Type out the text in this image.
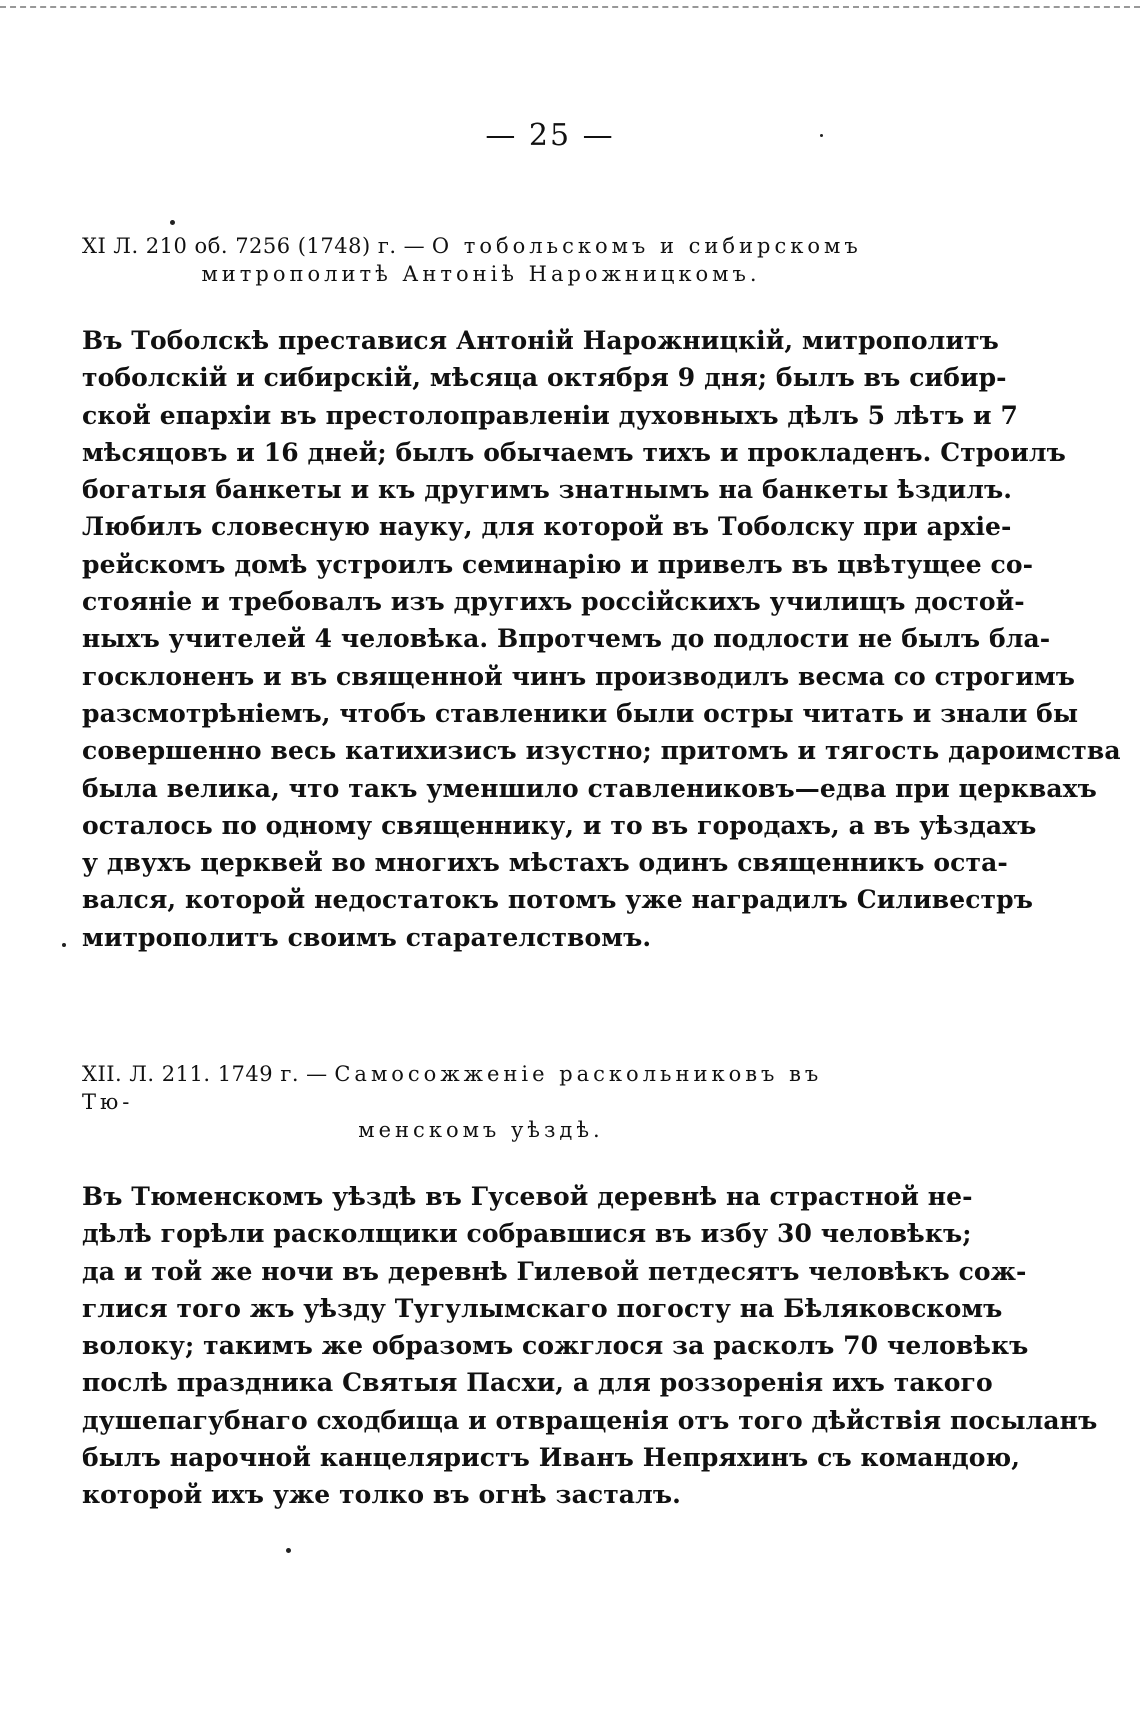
— 25 —

XI Л. 210 об. 7256 (1748) г. — О тобольскомъ и сибирскомъ
митрополитѣ Антоніѣ Нарожницкомъ.

Въ Тоболскѣ преставися Антоній Нарожницкій, митрополитъ
тоболскій и сибирскій, мѣсяца октября 9 дня; былъ въ сибир-
ской епархіи въ престолоправленіи духовныхъ дѣлъ 5 лѣтъ и 7
мѣсяцовъ и 16 дней; былъ обычаемъ тихъ и прокладенъ. Строилъ
богатыя банкеты и къ другимъ знатнымъ на банкеты ѣздилъ.
Любилъ словесную науку, для которой въ Тоболску при архіе-
рейскомъ домѣ устроилъ семинарію и привелъ въ цвѣтущее со-
стояніе и требовалъ изъ другихъ россійскихъ училищъ достой-
ныхъ учителей 4 человѣка. Впротчемъ до подлости не былъ бла-
госклоненъ и въ священной чинъ производилъ весма со строгимъ
разсмотрѣніемъ, чтобъ ставленики были остры читать и знали бы
совершенно весь катихизисъ изустно; притомъ и тягость дароимства
была велика, что такъ уменшило ставлениковъ—едва при церквахъ
осталось по одному священнику, и то въ городахъ, а въ уѣздахъ
у двухъ церквей во многихъ мѣстахъ одинъ священникъ оста-
вался, которой недостатокъ потомъ уже наградилъ Силивестръ
митрополитъ своимъ старателствомъ.

XII. Л. 211. 1749 г. — Самосожженіе раскольниковъ въ Тю-
менскомъ уѣздѣ.

Въ Тюменскомъ уѣздѣ въ Гусевой деревнѣ на страстной не-
дѣлѣ горѣли расколщики собравшися въ избу 30 человѣкъ;
да и той же ночи въ деревнѣ Гилевой петдесятъ человѣкъ сож-
глися того жъ уѣзду Тугулымскаго погосту на Бѣляковскомъ
волоку; такимъ же образомъ сожглося за расколъ 70 человѣкъ
послѣ праздника Святыя Пасхи, а для роззоренія ихъ такого
душепагубнаго сходбища и отвращенія отъ того дѣйствія посыланъ
былъ нарочной канцеляристъ Иванъ Непряхинъ съ командою,
которой ихъ уже толко въ огнѣ засталъ.
